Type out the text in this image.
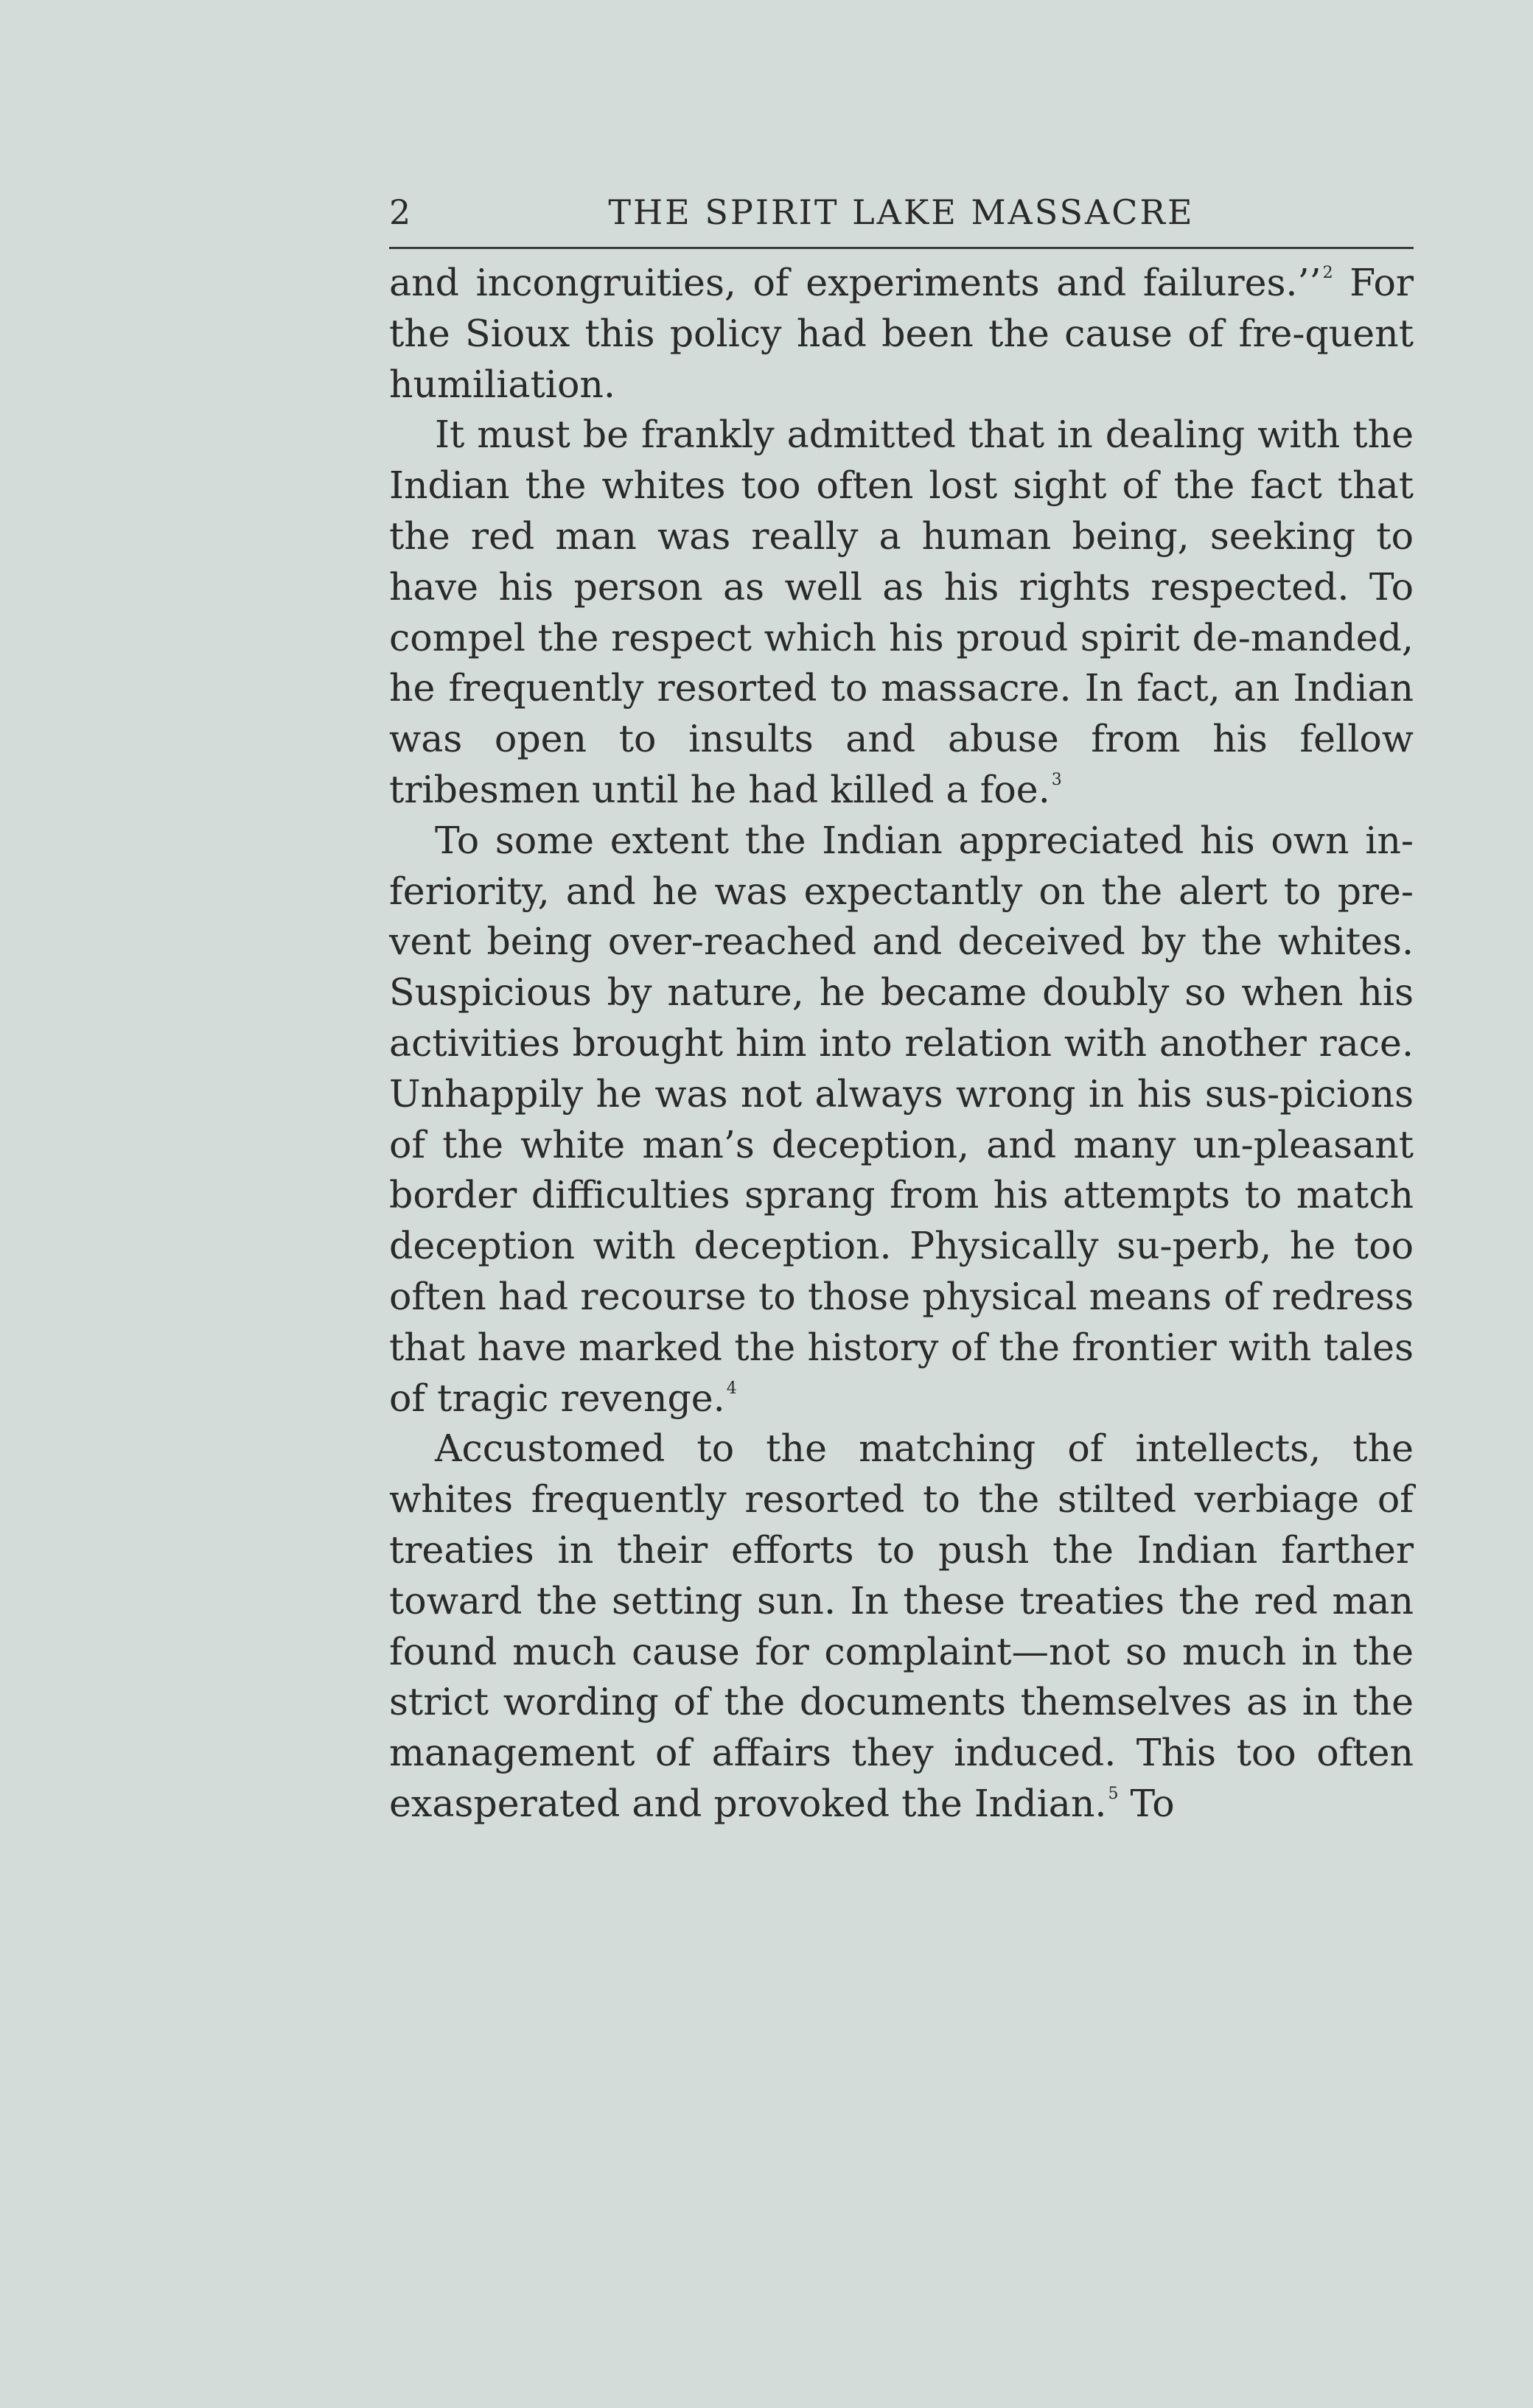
2	THE SPIRIT LAKE MASSACRE

and incongruities, of experiments and failures.’’$^2$ For the Sioux this policy had been the cause of fre-quent humiliation.

It must be frankly admitted that in dealing with the Indian the whites too often lost sight of the fact that the red man was really a human being, seeking to have his person as well as his rights respected. To compel the respect which his proud spirit de-manded, he frequently resorted to massacre. In fact, an Indian was open to insults and abuse from his fellow tribesmen until he had killed a foe.$^3$

To some extent the Indian appreciated his own in-feriority, and he was expectantly on the alert to pre-vent being over-reached and deceived by the whites. Suspicious by nature, he became doubly so when his activities brought him into relation with another race. Unhappily he was not always wrong in his sus-picions of the white man’s deception, and many un-pleasant border difficulties sprang from his attempts to match deception with deception. Physically su-perb, he too often had recourse to those physical means of redress that have marked the history of the frontier with tales of tragic revenge.$^4$

Accustomed to the matching of intellects, the whites frequently resorted to the stilted verbiage of treaties in their efforts to push the Indian farther toward the setting sun. In these treaties the red man found much cause for complaint—not so much in the strict wording of the documents themselves as in the management of affairs they induced. This too often exasperated and provoked the Indian.$^5$ To
